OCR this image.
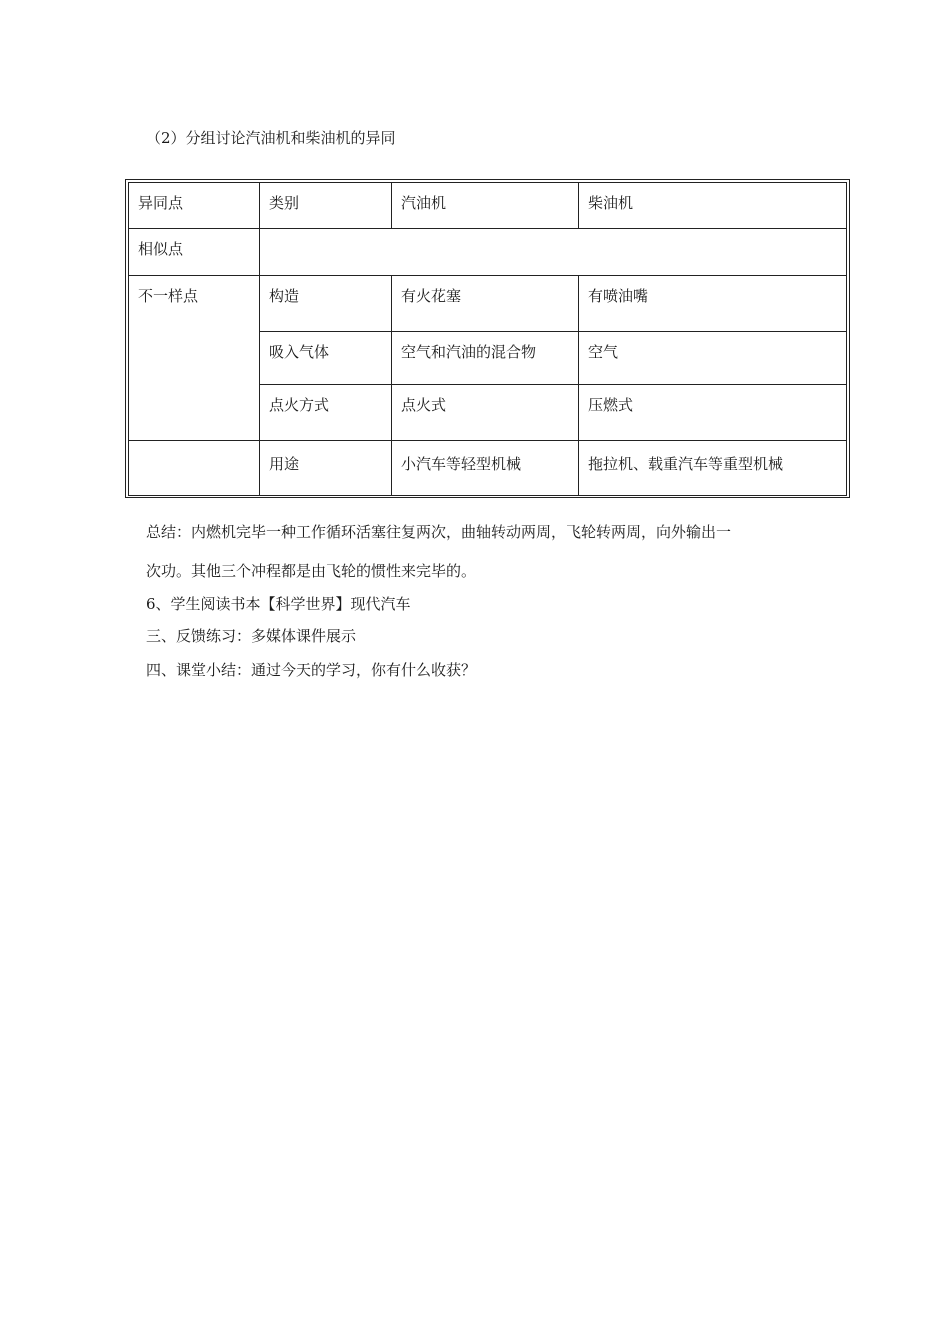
（2）分组讨论汽油机和柴油机的异同
异同点	类别	汽油机	柴油机
相似点			
不一样点	构造	有火花塞	有喷油嘴
	吸入气体	空气和汽油的混合物	空气
	点火方式	点火式	压燃式
	用途	小汽车等轻型机械	拖拉机、载重汽车等重型机械
总结：内燃机完毕一种工作循环活塞往复两次，曲轴转动两周，飞轮转两周，向外输出一
次功。其他三个冲程都是由飞轮的惯性来完毕的。
6、学生阅读书本【科学世界】现代汽车
三、反馈练习：多媒体课件展示
四、课堂小结：通过今天的学习，你有什么收获？
